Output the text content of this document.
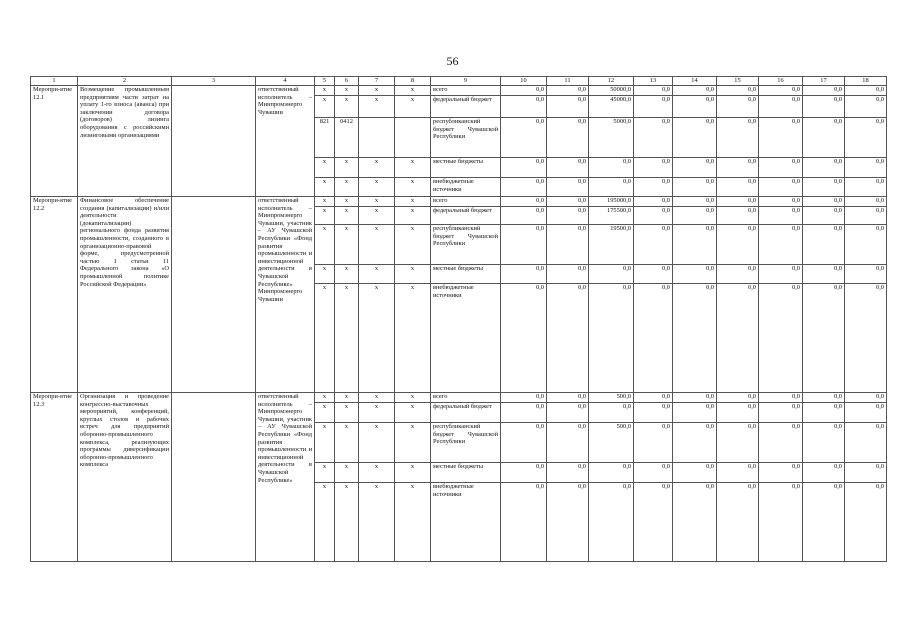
56
1	2	3	4	5	6	7	8	9	10	11	12	13	14	15	16	17	18
Меропри-ятие 12.1	Возмещение промышленным предприятиям части затрат на уплату 1-го взноса (аванса) при заключении договора (договоров) лизинга оборудования с российскими лизинговыми организациями		ответственный исполнитель – Минпромэнерго Чувашии	x	x	x	x	всего	0,0	0,0	50000,0	0,0	0,0	0,0	0,0	0,0	0,0
				x	x	x	x	федеральный бюджет	0,0	0,0	45000,0	0,0	0,0	0,0	0,0	0,0	0,0
				821	0412			республиканский бюджет Чувашской Республики	0,0	0,0	5000,0	0,0	0,0	0,0	0,0	0,0	0,0
				x	x	x	x	местные бюджеты	0,0	0,0	0,0	0,0	0,0	0,0	0,0	0,0	0,0
				x	x	x	x	внебюджетные источники	0,0	0,0	0,0	0,0	0,0	0,0	0,0	0,0	0,0
Меропри-ятие 12.2	Финансовое обеспечение создания (капитализации) и/или деятельности (докапитализации) регионального фонда развития промышленности, созданного в организационно-правовой форме, предусмотренной частью 1 статьи 11 Федерального закона «О промышленной политике Российской Федерации»		ответственный исполнитель – Минпромэнерго Чувашии, участник – АУ Чувашской Республики «Фонд развития промышленности и инвестиционной деятельности в Чувашской Республике» Минпромэнерго Чувашии	x	x	x	x	всего	0,0	0,0	195000,0	0,0	0,0	0,0	0,0	0,0	0,0
				x	x	x	x	федеральный бюджет	0,0	0,0	175500,0	0,0	0,0	0,0	0,0	0,0	0,0
				x	x	x	x	республиканский бюджет Чувашской Республики	0,0	0,0	19500,0	0,0	0,0	0,0	0,0	0,0	0,0
				x	x	x	x	местные бюджеты	0,0	0,0	0,0	0,0	0,0	0,0	0,0	0,0	0,0
				x	x	x	x	внебюджетные источники	0,0	0,0	0,0	0,0	0,0	0,0	0,0	0,0	0,0
Меропри-ятие 12.3	Организация и проведение конгрессно-выставочных мероприятий, конференций, круглых столов и рабочих встреч для предприятий оборонно-промышленного комплекса, реализующих программы диверсификации оборонно-промышленного комплекса		ответственный исполнитель – Минпромэнерго Чувашии, участник – АУ Чувашской Республики «Фонд развития промышленности и инвестиционной деятельности в Чувашской Республике»	x	x	x	x	всего	0,0	0,0	500,0	0,0	0,0	0,0	0,0	0,0	0,0
				x	x	x	x	федеральный бюджет	0,0	0,0	0,0	0,0	0,0	0,0	0,0	0,0	0,0
				x	x	x	x	республиканский бюджет Чувашской Республики	0,0	0,0	500,0	0,0	0,0	0,0	0,0	0,0	0,0
				x	x	x	x	местные бюджеты	0,0	0,0	0,0	0,0	0,0	0,0	0,0	0,0	0,0
				x	x	x	x	внебюджетные источники	0,0	0,0	0,0	0,0	0,0	0,0	0,0	0,0	0,0
